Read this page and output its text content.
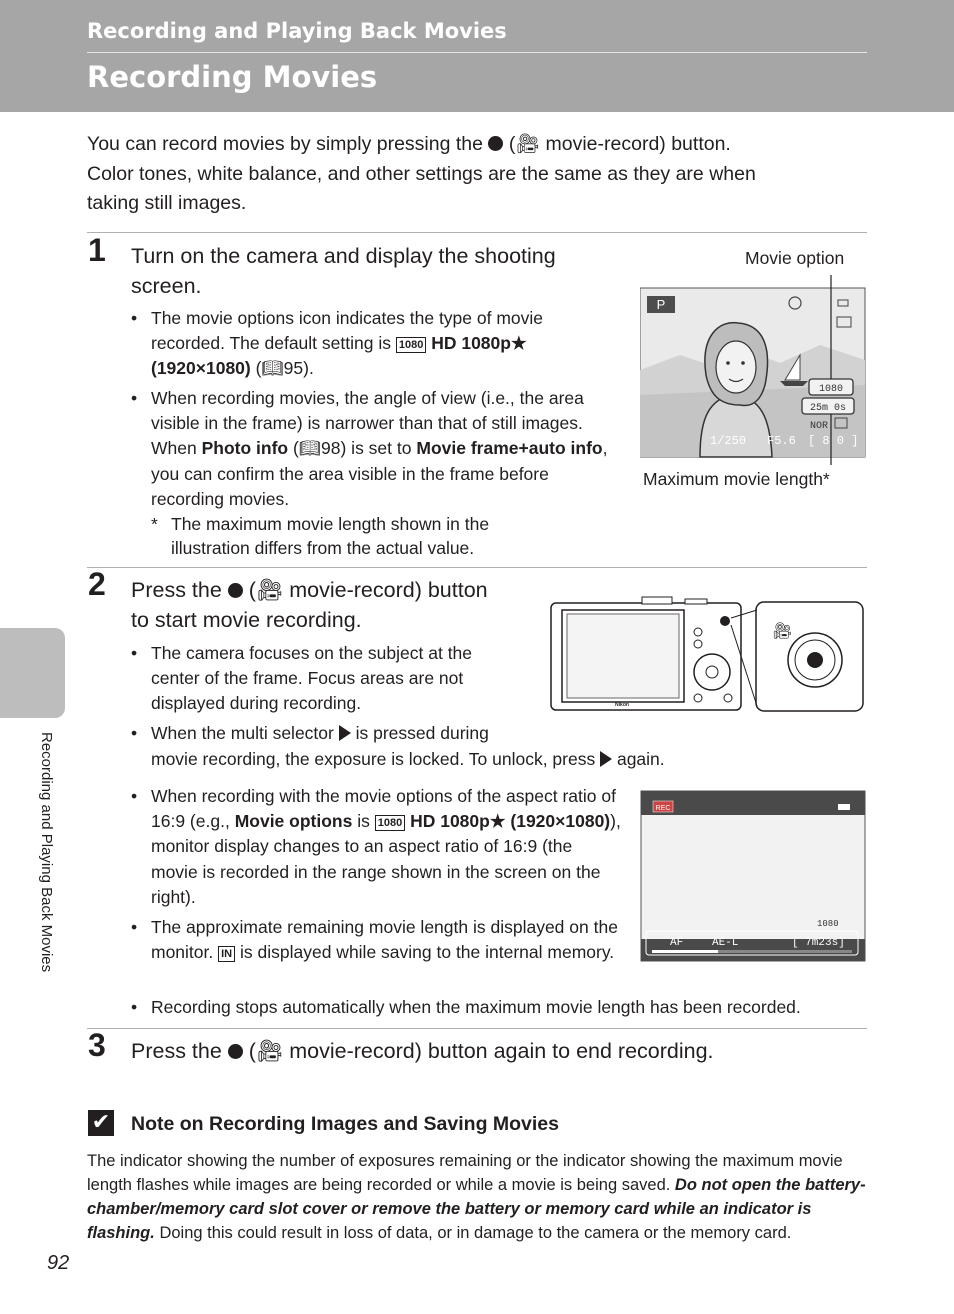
Recording and Playing Back Movies
Recording Movies
Recording and Playing Back Movies
You can record movies by simply pressing the (🎥︎ movie-record) button.
Color tones, white balance, and other settings are the same as they are when
taking still images.
1 Turn on the camera and display the shooting screen.
• The movie options icon indicates the type of movie recorded. The default setting is 1080 HD 1080p★ (1920×1080) (📖︎95).
• When recording movies, the angle of view (i.e., the area visible in the frame) is narrower than that of still images. When Photo info (📖︎98) is set to Movie frame+auto info, you can confirm the area visible in the frame before recording movies.
* The maximum movie length shown in the illustration differs from the actual value.
Movie option
Maximum movie length*
P
1080
25m 0s
NOR
1/250 F5.6 [ 8 0 ]
2 Press the (🎥︎ movie-record) button
to start movie recording.
• The camera focuses on the subject at the center of the frame. Focus areas are not displayed during recording.
• When the multi selector is pressed during
movie recording, the exposure is locked. To unlock, press again.
Nikon
🎥︎
• When recording with the movie options of the aspect ratio of 16:9 (e.g., Movie options is 1080 HD 1080p★ (1920×1080)), monitor display changes to an aspect ratio of 16:9 (the movie is recorded in the range shown in the screen on the right).
• The approximate remaining movie length is displayed on the monitor. IN is displayed while saving to the internal memory.
• Recording stops automatically when the maximum movie length has been recorded.
REC
1080
AF	AE-L	[ 7m23s]
3 Press the (🎥︎ movie-record) button again to end recording.
✔ Note on Recording Images and Saving Movies
The indicator showing the number of exposures remaining or the indicator showing the maximum movie length flashes while images are being recorded or while a movie is being saved. Do not open the battery-chamber/memory card slot cover or remove the battery or memory card while an indicator is flashing. Doing this could result in loss of data, or in damage to the camera or the memory card.
92
